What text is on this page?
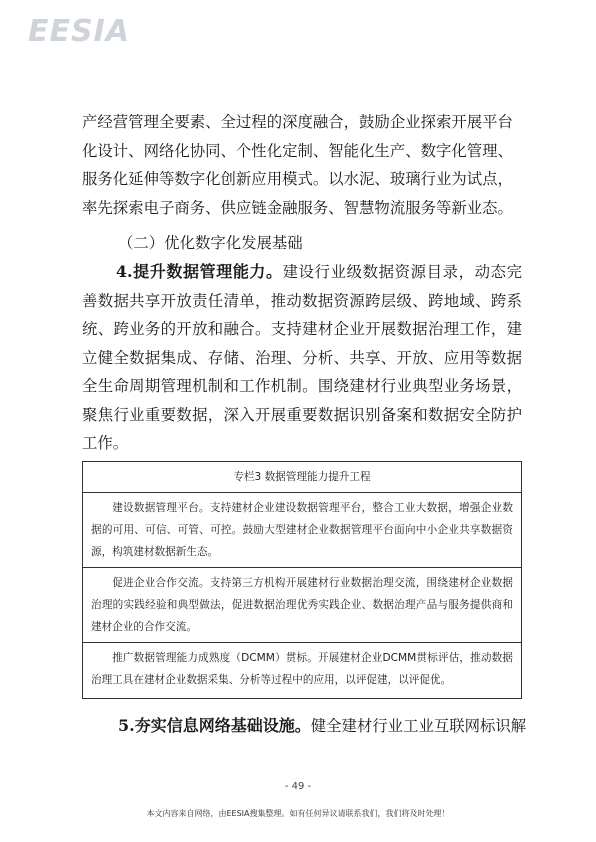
EESIA
产经营管理全要素、全过程的深度融合，鼓励企业探索开展平台
化设计、网络化协同、个性化定制、智能化生产、数字化管理、
服务化延伸等数字化创新应用模式。以水泥、玻璃行业为试点，
率先探索电子商务、供应链金融服务、智慧物流服务等新业态。
（二）优化数字化发展基础
4.提升数据管理能力。建设行业级数据资源目录，动态完善数据共享开放责任清单，推动数据资源跨层级、跨地域、跨系统、跨业务的开放和融合。支持建材企业开展数据治理工作，建立健全数据集成、存储、治理、分析、共享、开放、应用等数据全生命周期管理机制和工作机制。围绕建材行业典型业务场景，聚焦行业重要数据，深入开展重要数据识别备案和数据安全防护工作。
专栏3 数据管理能力提升工程
建设数据管理平台。支持建材企业建设数据管理平台，整合工业大数据，增强企业数据的可用、可信、可管、可控。鼓励大型建材企业数据管理平台面向中小企业共享数据资源，构筑建材数据新生态。
促进企业合作交流。支持第三方机构开展建材行业数据治理交流，围绕建材企业数据治理的实践经验和典型做法，促进数据治理优秀实践企业、数据治理产品与服务提供商和建材企业的合作交流。
推广数据管理能力成熟度（DCMM）贯标。开展建材企业DCMM贯标评估，推动数据治理工具在建材企业数据采集、分析等过程中的应用，以评促建，以评促优。
5.夯实信息网络基础设施。健全建材行业工业互联网标识解
- 49 -
本文内容来自网络，由EESIA搜集整理。如有任何异议请联系我们，我们将及时处理！
